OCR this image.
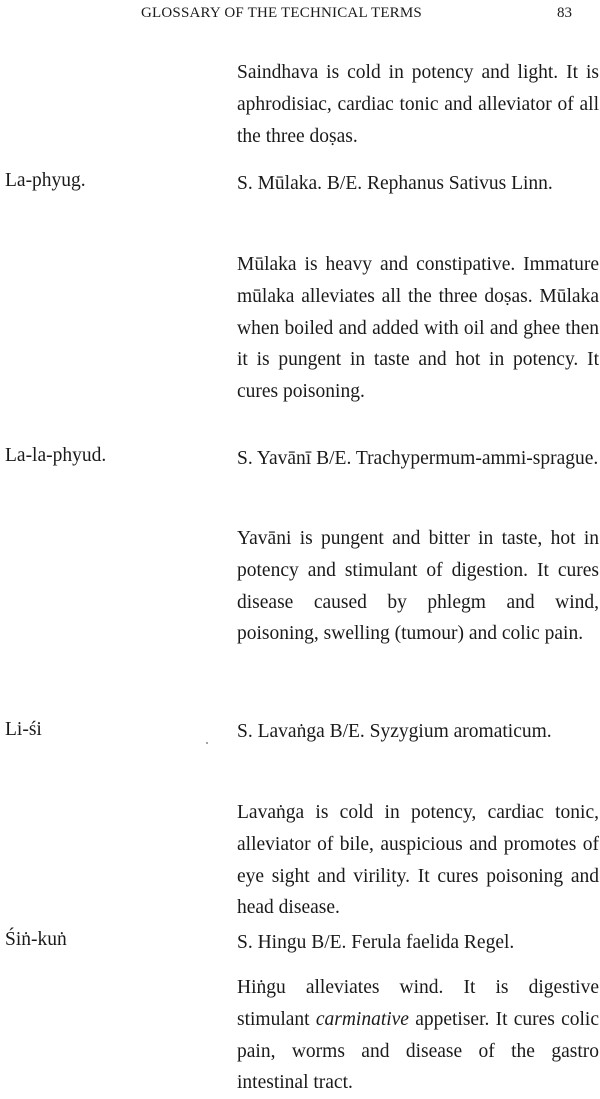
GLOSSARY OF THE TECHNICAL TERMS	83
Saindhava is cold in potency and light. It is aphrodisiac, cardiac tonic and alleviator of all the three doṣas.
La-phyug.	S. Mūlaka. B/E. Rephanus Sativus Linn.
Mūlaka is heavy and constipative. Immature mūlaka alleviates all the three doṣas. Mūlaka when boiled and added with oil and ghee then it is pungent in taste and hot in potency. It cures poisoning.
La-la-phyud.	S. Yavānī B/E. Trachypermum-ammi-sprague.
Yavāni is pungent and bitter in taste, hot in potency and stimulant of digestion. It cures disease caused by phlegm and wind, poisoning, swelling (tumour) and colic pain.
Li-śi	S. Lavaṅga B/E. Syzygium aromaticum.
Lavaṅga is cold in potency, cardiac tonic, alleviator of bile, auspicious and promotes of eye sight and virility. It cures poisoning and head disease.
Śiṅ-kuṅ	S. Hingu B/E. Ferula faelida Regel.
Hiṅgu alleviates wind. It is digestive stimulant carminative appetiser. It cures colic pain, worms and disease of the gastro intestinal tract.
